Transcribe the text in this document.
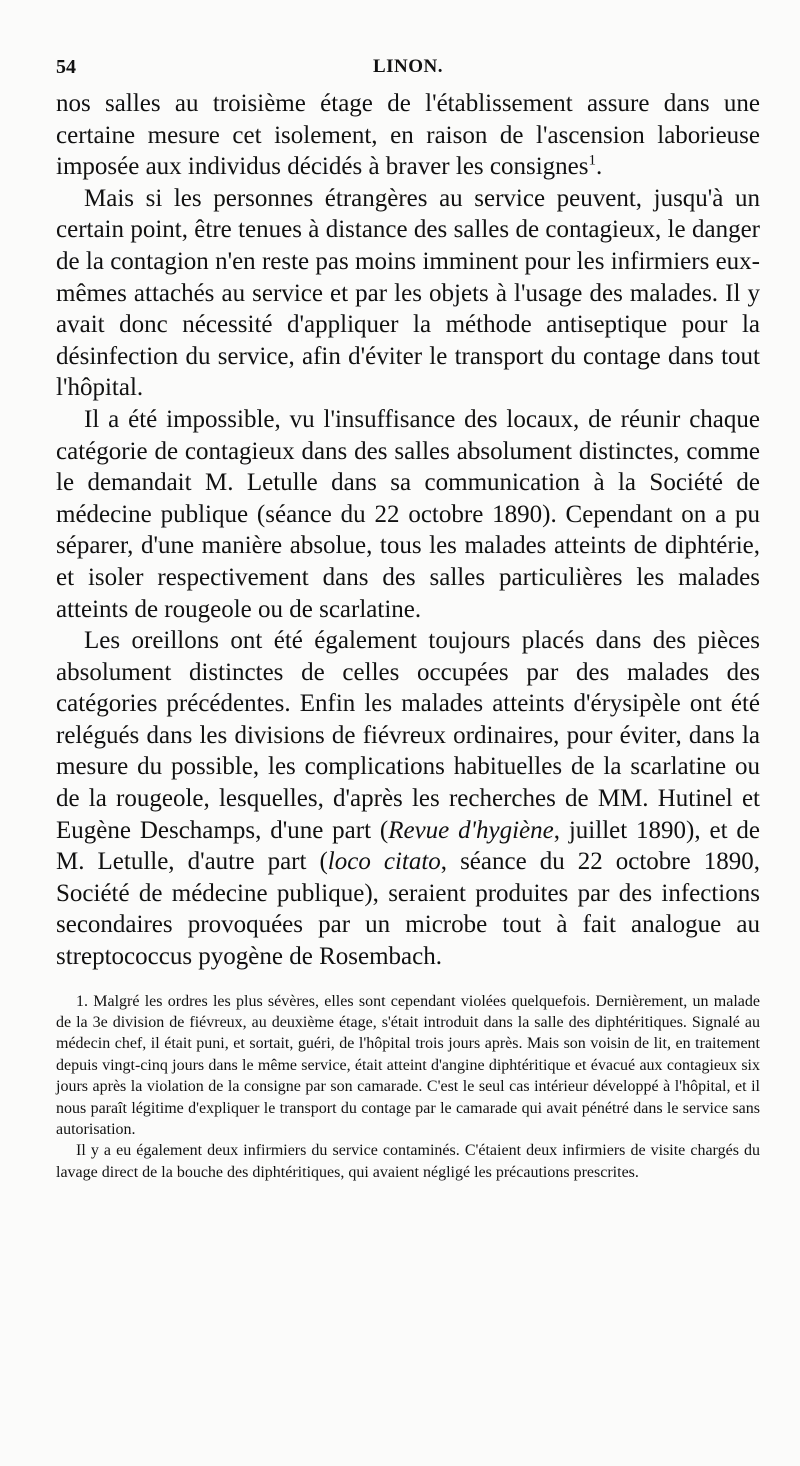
54	LINON.

nos salles au troisième étage de l'établissement assure dans une certaine mesure cet isolement, en raison de l'ascension laborieuse imposée aux individus décidés à braver les consignes$^1$.

Mais si les personnes étrangères au service peuvent, jusqu'à un certain point, être tenues à distance des salles de contagieux, le danger de la contagion n'en reste pas moins imminent pour les infirmiers eux-mêmes attachés au service et par les objets à l'usage des malades. Il y avait donc nécessité d'appliquer la méthode antiseptique pour la désinfection du service, afin d'éviter le transport du contage dans tout l'hôpital.

Il a été impossible, vu l'insuffisance des locaux, de réunir chaque catégorie de contagieux dans des salles absolument distinctes, comme le demandait M. Letulle dans sa communication à la Société de médecine publique (séance du 22 octobre 1890). Cependant on a pu séparer, d'une manière absolue, tous les malades atteints de diphtérie, et isoler respectivement dans des salles particulières les malades atteints de rougeole ou de scarlatine.

Les oreillons ont été également toujours placés dans des pièces absolument distinctes de celles occupées par des malades des catégories précédentes. Enfin les malades atteints d'érysipèle ont été relégués dans les divisions de fiévreux ordinaires, pour éviter, dans la mesure du possible, les complications habituelles de la scarlatine ou de la rougeole, lesquelles, d'après les recherches de MM. Hutinel et Eugène Deschamps, d'une part (Revue d'hygiène, juillet 1890), et de M. Letulle, d'autre part (loco citato, séance du 22 octobre 1890, Société de médecine publique), seraient produites par des infections secondaires provoquées par un microbe tout à fait analogue au streptococcus pyogène de Rosembach.

1. Malgré les ordres les plus sévères, elles sont cependant violées quelquefois. Dernièrement, un malade de la 3e division de fiévreux, au deuxième étage, s'était introduit dans la salle des diphtéritiques. Signalé au médecin chef, il était puni, et sortait, guéri, de l'hôpital trois jours après. Mais son voisin de lit, en traitement depuis vingt-cinq jours dans le même service, était atteint d'angine diphtéritique et évacué aux contagieux six jours après la violation de la consigne par son camarade. C'est le seul cas intérieur développé à l'hôpital, et il nous paraît légitime d'expliquer le transport du contage par le camarade qui avait pénétré dans le service sans autorisation.

Il y a eu également deux infirmiers du service contaminés. C'étaient deux infirmiers de visite chargés du lavage direct de la bouche des diphtéritiques, qui avaient négligé les précautions prescrites.
